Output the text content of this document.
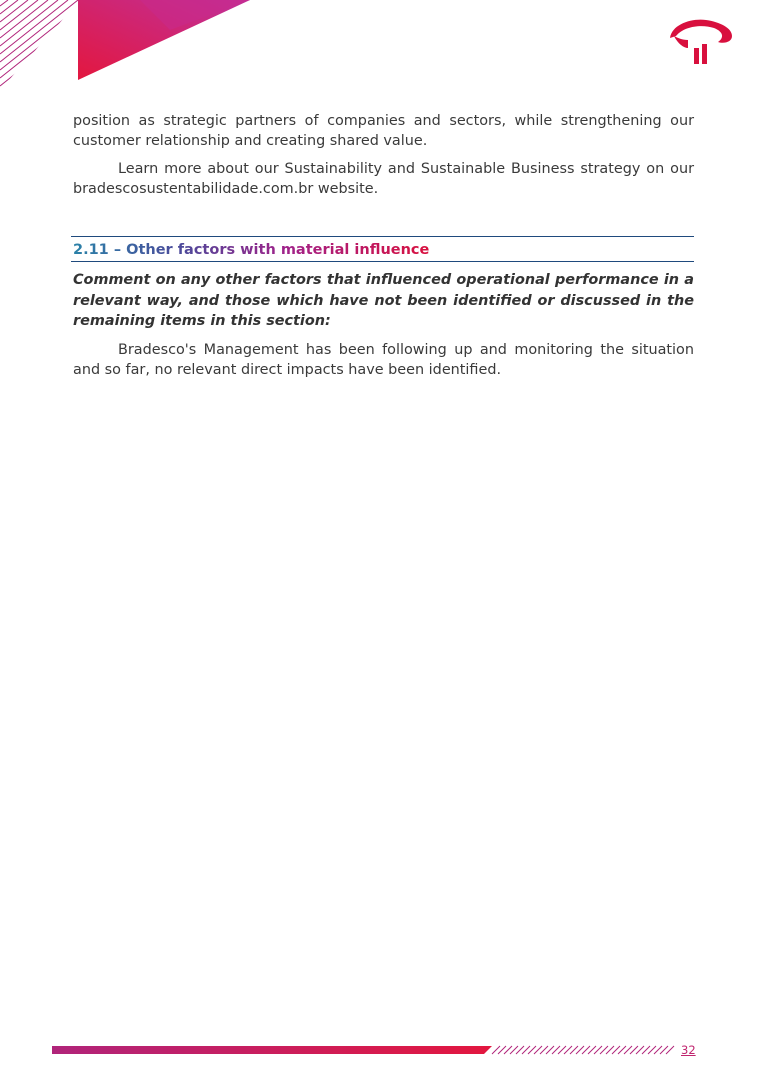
position as strategic partners of companies and sectors, while strengthening our customer relationship and creating shared value.

Learn more about our Sustainability and Sustainable Business strategy on our bradescosustentabilidade.com.br website.

2.11 – Other factors with material influence

Comment on any other factors that influenced operational performance in a relevant way, and those which have not been identified or discussed in the remaining items in this section:

Bradesco's Management has been following up and monitoring the situation and so far, no relevant direct impacts have been identified.

32
